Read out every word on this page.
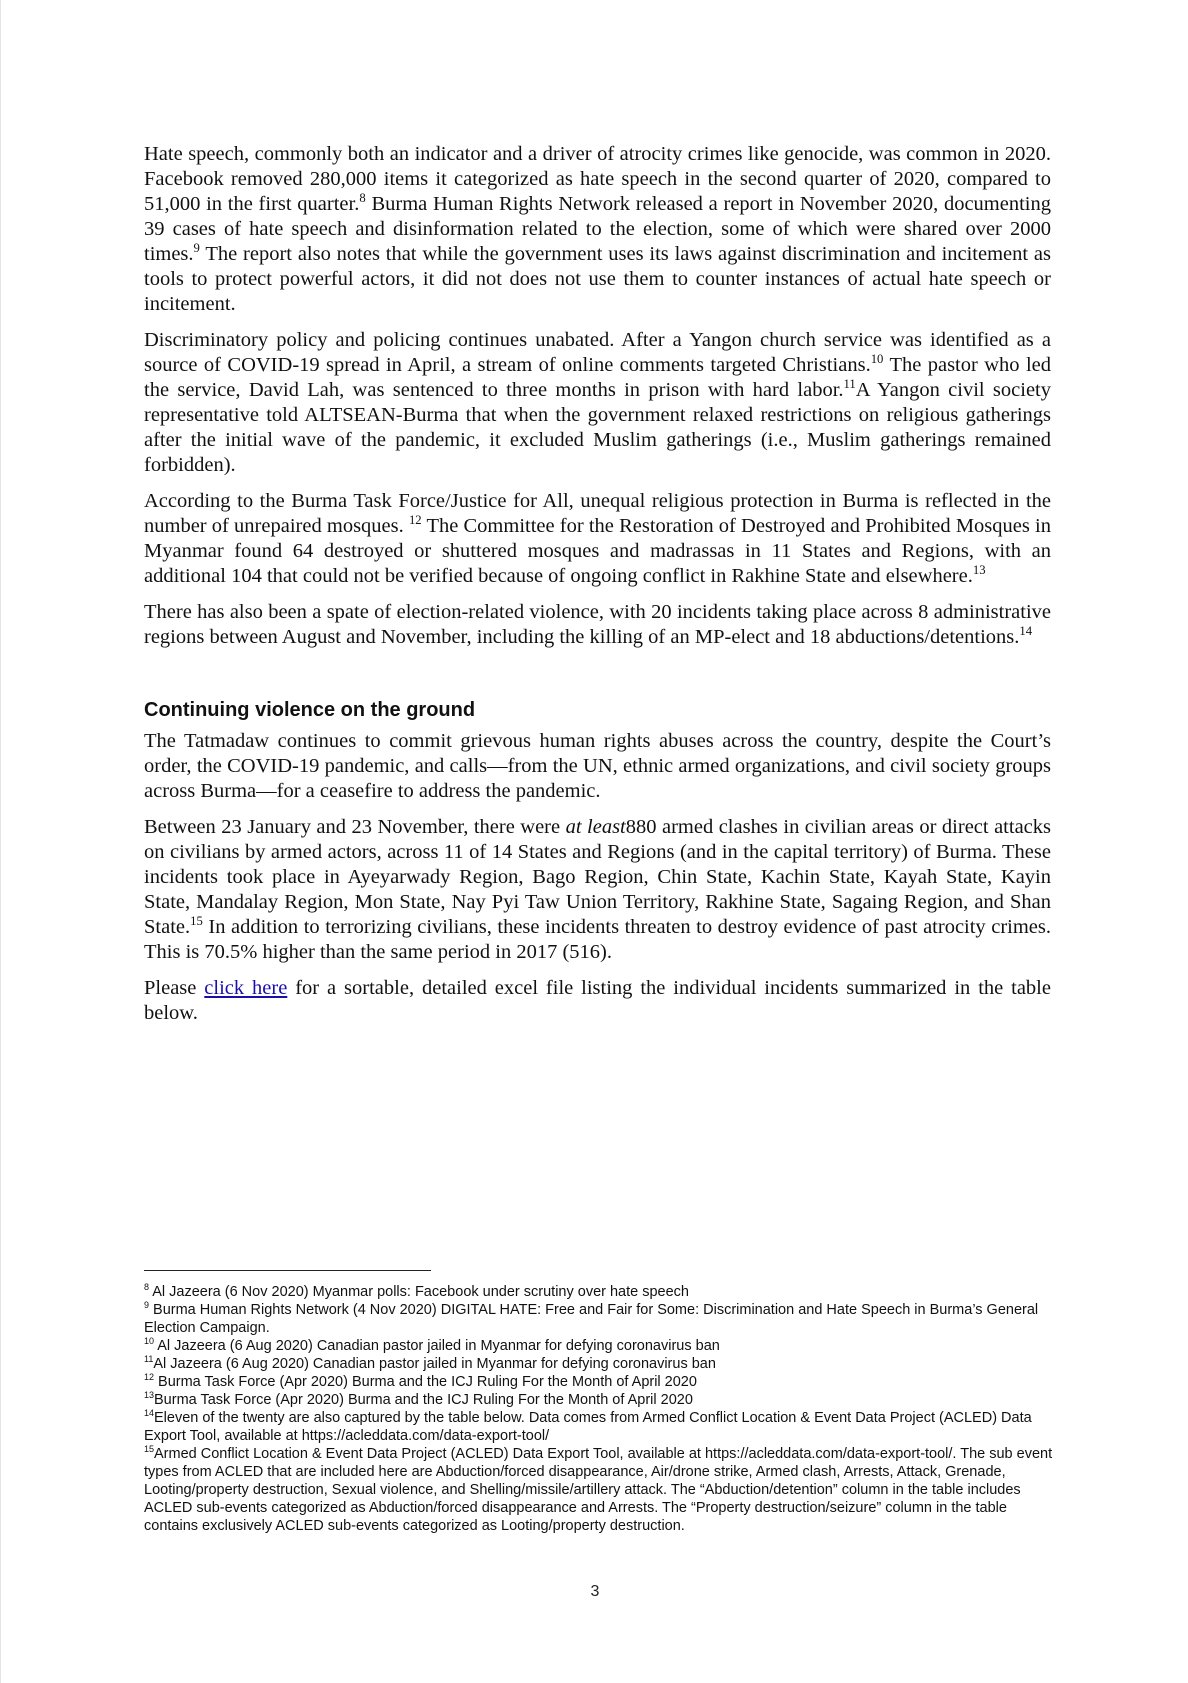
Hate speech, commonly both an indicator and a driver of atrocity crimes like genocide, was common in 2020. Facebook removed 280,000 items it categorized as hate speech in the second quarter of 2020, compared to 51,000 in the first quarter.$^8$ Burma Human Rights Network released a report in November 2020, documenting 39 cases of hate speech and disinformation related to the election, some of which were shared over 2000 times.$^9$ The report also notes that while the government uses its laws against discrimination and incitement as tools to protect powerful actors, it did not does not use them to counter instances of actual hate speech or incitement.

Discriminatory policy and policing continues unabated. After a Yangon church service was identified as a source of COVID-19 spread in April, a stream of online comments targeted Christians.$^{10}$ The pastor who led the service, David Lah, was sentenced to three months in prison with hard labor.$^{11}$A Yangon civil society representative told ALTSEAN-Burma that when the government relaxed restrictions on religious gatherings after the initial wave of the pandemic, it excluded Muslim gatherings (i.e., Muslim gatherings remained forbidden).

According to the Burma Task Force/Justice for All, unequal religious protection in Burma is reflected in the number of unrepaired mosques. $^{12}$ The Committee for the Restoration of Destroyed and Prohibited Mosques in Myanmar found 64 destroyed or shuttered mosques and madrassas in 11 States and Regions, with an additional 104 that could not be verified because of ongoing conflict in Rakhine State and elsewhere.$^{13}$

There has also been a spate of election-related violence, with 20 incidents taking place across 8 administrative regions between August and November, including the killing of an MP-elect and 18 abductions/detentions.$^{14}$

Continuing violence on the ground

The Tatmadaw continues to commit grievous human rights abuses across the country, despite the Court’s order, the COVID-19 pandemic, and calls—from the UN, ethnic armed organizations, and civil society groups across Burma—for a ceasefire to address the pandemic.

Between 23 January and 23 November, there were at least880 armed clashes in civilian areas or direct attacks on civilians by armed actors, across 11 of 14 States and Regions (and in the capital territory) of Burma. These incidents took place in Ayeyarwady Region, Bago Region, Chin State, Kachin State, Kayah State, Kayin State, Mandalay Region, Mon State, Nay Pyi Taw Union Territory, Rakhine State, Sagaing Region, and Shan State.$^{15}$ In addition to terrorizing civilians, these incidents threaten to destroy evidence of past atrocity crimes. This is 70.5% higher than the same period in 2017 (516).

Please click here for a sortable, detailed excel file listing the individual incidents summarized in the table below.

$^8$ Al Jazeera (6 Nov 2020) Myanmar polls: Facebook under scrutiny over hate speech

$^9$ Burma Human Rights Network (4 Nov 2020) DIGITAL HATE: Free and Fair for Some: Discrimination and Hate Speech in Burma’s General Election Campaign.

$^{10}$ Al Jazeera (6 Aug 2020) Canadian pastor jailed in Myanmar for defying coronavirus ban

$^{11}$Al Jazeera (6 Aug 2020) Canadian pastor jailed in Myanmar for defying coronavirus ban

$^{12}$ Burma Task Force (Apr 2020) Burma and the ICJ Ruling For the Month of April 2020

$^{13}$Burma Task Force (Apr 2020) Burma and the ICJ Ruling For the Month of April 2020

$^{14}$Eleven of the twenty are also captured by the table below. Data comes from Armed Conflict Location & Event Data Project (ACLED) Data Export Tool, available at https://acleddata.com/data-export-tool/

$^{15}$Armed Conflict Location & Event Data Project (ACLED) Data Export Tool, available at https://acleddata.com/data-export-tool/. The sub event types from ACLED that are included here are Abduction/forced disappearance, Air/drone strike, Armed clash, Arrests, Attack, Grenade, Looting/property destruction, Sexual violence, and Shelling/missile/artillery attack. The “Abduction/detention” column in the table includes ACLED sub-events categorized as Abduction/forced disappearance and Arrests. The “Property destruction/seizure” column in the table contains exclusively ACLED sub-events categorized as Looting/property destruction.

3
